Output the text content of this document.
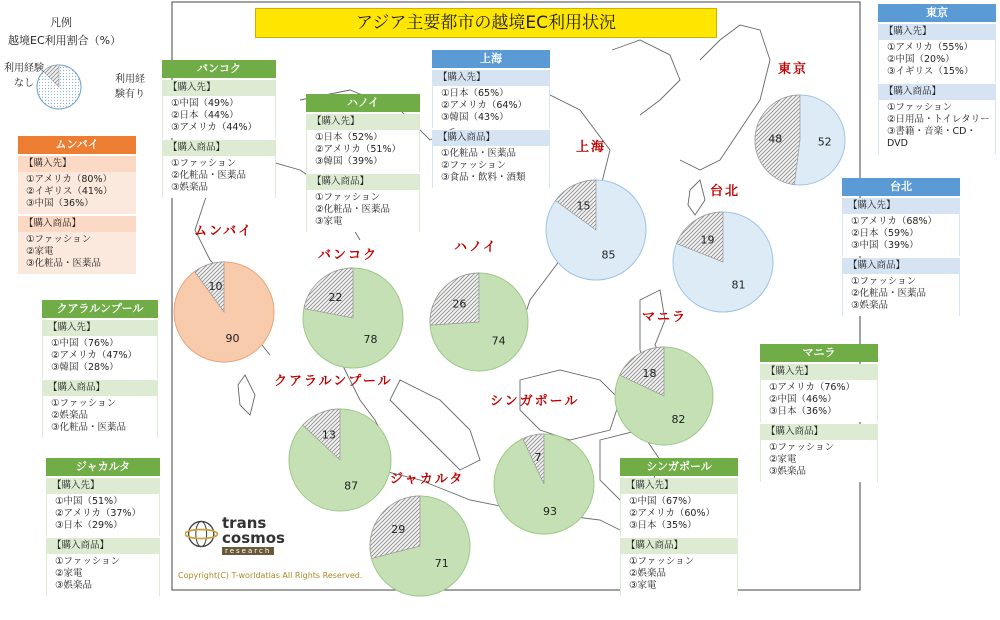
48	52
15
85
19
81
26
74
22
78
10
90
18
82
13
87
7
93
29
71
アジア主要都市の越境EC利用状況
凡例
越境EC利用割合（%）
利用経験
なし	利用経
験有り
東京
上海
台北
ムンバイ
バンコク
ハノイ
マニラ
クアラルンプール
シンガポール
ジャカルタ
バンコク
【購入先】
①中国（49%）
②日本（44%）
③アメリカ（44%）
【購入商品】
①ファッション
②化粧品・医薬品
③娯楽品
ハノイ
【購入先】
①日本（52%）
②アメリカ（51%）
③韓国（39%）
【購入商品】
①ファッション
②化粧品・医薬品
③家電
上海
【購入先】
①日本（65%）
②アメリカ（64%）
③韓国（43%）
【購入商品】
①化粧品・医薬品
②ファッション
③食品・飲料・酒類
東京
【購入先】
①アメリカ（55%）
②中国（20%）
③イギリス（15%）
【購入商品】
①ファッション
②日用品・トイレタリー
③書籍・音楽・CD・
DVD
台北
【購入先】
①アメリカ（68%）
②日本（59%）
③中国（39%）
【購入商品】
①ファッション
②化粧品・医薬品
③娯楽品
ムンバイ
【購入先】
①アメリカ（80%）
②イギリス（41%）
③中国（36%）
【購入商品】
①ファッション
②家電
③化粧品・医薬品
クアラルンプール
【購入先】
①中国（76%）
②アメリカ（47%）
③韓国（28%）
【購入商品】
①ファッション
②娯楽品
③化粧品・医薬品
ジャカルタ
【購入先】
①中国（51%）
②アメリカ（37%）
③日本（29%）
【購入商品】
①ファッション
②家電
③娯楽品
マニラ
【購入先】
①アメリカ（76%）
②中国（46%）
③日本（36%）
【購入商品】
①ファッション
②家電
③娯楽品
シンガポール
【購入先】
①中国（67%）
②アメリカ（60%）
③日本（35%）
【購入商品】
①ファッション
②娯楽品
③家電
trans
cosmos
research
Copyright(C) T-worldatlas All Rights Reserved.
